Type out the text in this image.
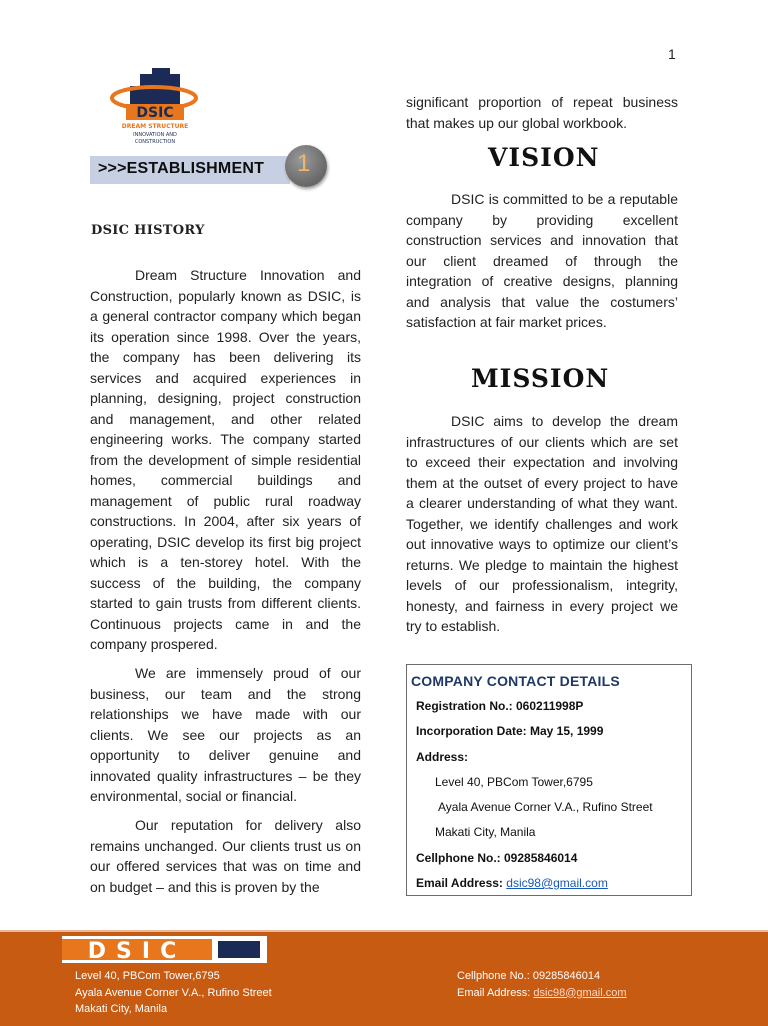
1
DSIC
DREAM STRUCTURE
INNOVATION AND
CONSTRUCTION
>>>ESTABLISHMENT 1
DSIC HISTORY

Dream Structure Innovation and Construction, popularly known as DSIC, is a general contractor company which began its operation since 1998. Over the years, the company has been delivering its services and acquired experiences in planning, designing, project construction and management, and other related engineering works. The company started from the development of simple residential homes, commercial buildings and management of public rural roadway constructions. In 2004, after six years of operating, DSIC develop its first big project which is a ten-storey hotel. With the success of the building, the company started to gain trusts from different clients. Continuous projects came in and the company prospered.

We are immensely proud of our business, our team and the strong relationships we have made with our clients. We see our projects as an opportunity to deliver genuine and innovated quality infrastructures – be they environmental, social or financial.

Our reputation for delivery also remains unchanged. Our clients trust us on our offered services that was on time and on budget – and this is proven by the

significant proportion of repeat business that makes up our global workbook.

VISION

DSIC is committed to be a reputable company by providing excellent construction services and innovation that our client dreamed of through the integration of creative designs, planning and analysis that value the costumers’ satisfaction at fair market prices.

MISSION

DSIC aims to develop the dream infrastructures of our clients which are set to exceed their expectation and involving them at the outset of every project to have a clearer understanding of what they want. Together, we identify challenges and work out innovative ways to optimize our client’s returns. We pledge to maintain the highest levels of our professionalism, integrity, honesty, and fairness in every project we try to establish.

COMPANY CONTACT DETAILS
Registration No.: 060211998P
Incorporation Date: May 15, 1999
Address:
Level 40, PBCom Tower,6795
Ayala Avenue Corner V.A., Rufino Street
Makati City, Manila
Cellphone No.: 09285846014
Email Address: dsic98@gmail.com
DSIC
Level 40, PBCom Tower,6795
Ayala Avenue Corner V.A., Rufino Street
Makati City, Manila
Cellphone No.: 09285846014
Email Address: dsic98@gmail.com
